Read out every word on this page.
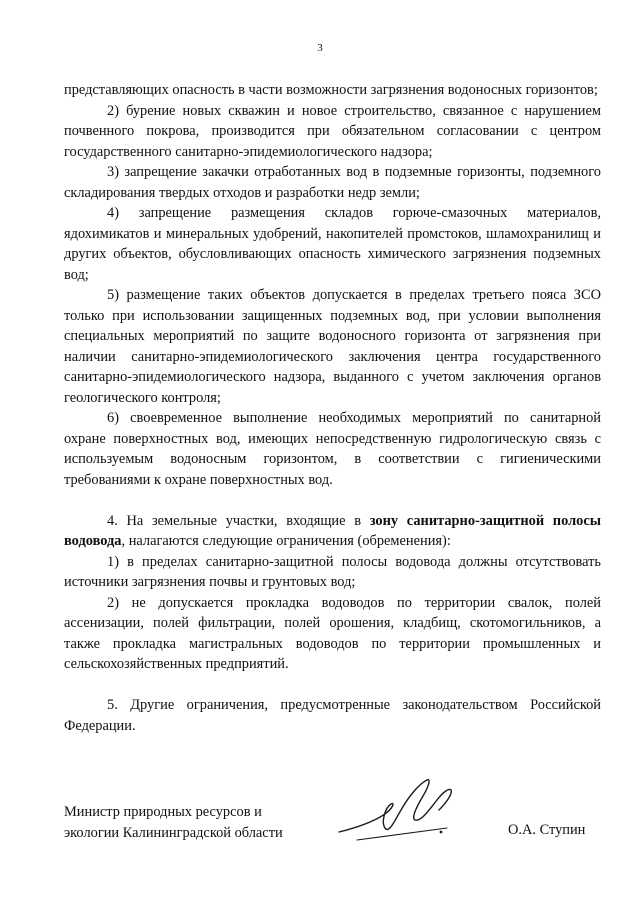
3

представляющих опасность в части возможности загрязнения водоносных горизонтов;

2) бурение новых скважин и новое строительство, связанное с нарушением почвенного покрова, производится при обязательном согласовании с центром государственного санитарно-эпидемиологического надзора;

3) запрещение закачки отработанных вод в подземные горизонты, подземного складирования твердых отходов и разработки недр земли;

4) запрещение размещения складов горюче-смазочных материалов, ядохимикатов и минеральных удобрений, накопителей промстоков, шламохранилищ и других объектов, обусловливающих опасность химического загрязнения подземных вод;

5) размещение таких объектов допускается в пределах третьего пояса ЗСО только при использовании защищенных подземных вод, при условии выполнения специальных мероприятий по защите водоносного горизонта от загрязнения при наличии санитарно-эпидемиологического заключения центра государственного санитарно-эпидемиологического надзора, выданного с учетом заключения органов геологического контроля;

6) своевременное выполнение необходимых мероприятий по санитарной охране поверхностных вод, имеющих непосредственную гидрологическую связь с используемым водоносным горизонтом, в соответствии с гигиеническими требованиями к охране поверхностных вод.

4. На земельные участки, входящие в зону санитарно-защитной полосы водовода, налагаются следующие ограничения (обременения):

1) в пределах санитарно-защитной полосы водовода должны отсутствовать источники загрязнения почвы и грунтовых вод;

2) не допускается прокладка водоводов по территории свалок, полей ассенизации, полей фильтрации, полей орошения, кладбищ, скотомогильников, а также прокладка магистральных водоводов по территории промышленных и сельскохозяйственных предприятий.

5. Другие ограничения, предусмотренные законодательством Российской Федерации.

Министр природных ресурсов и

экологии Калининградской области	О.А. Ступин
